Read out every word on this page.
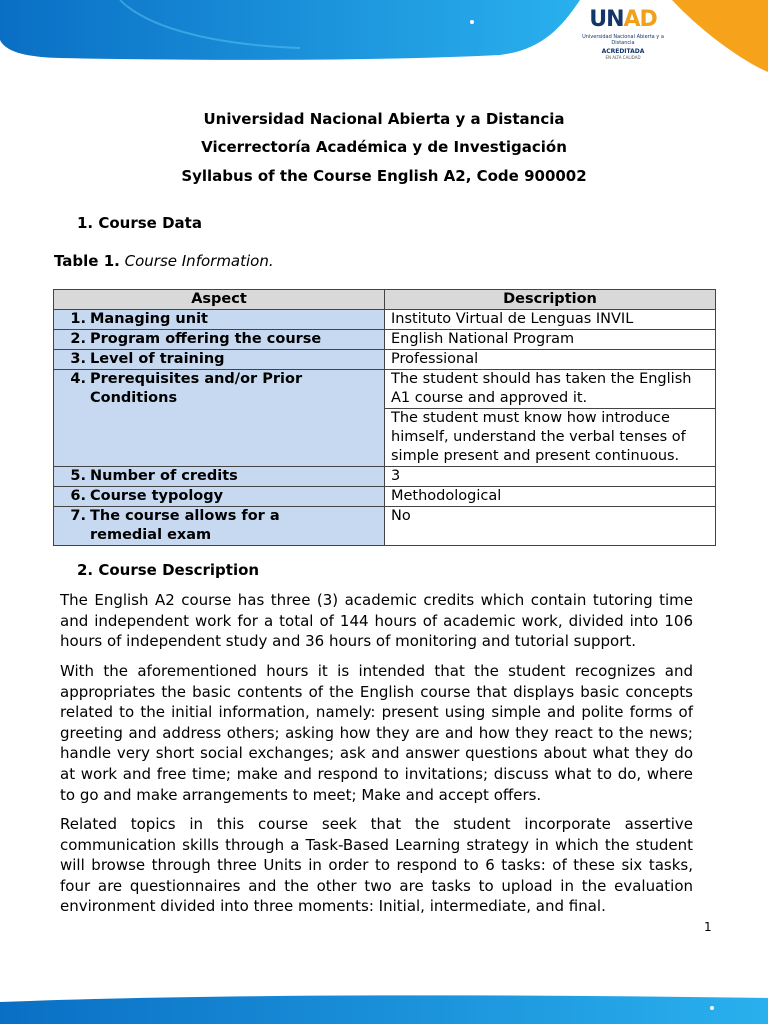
UNAD
Universidad Nacional Abierta y a Distancia
ACREDITADA
EN ALTA CALIDAD
Universidad Nacional Abierta y a Distancia
Vicerrectoría Académica y de Investigación
Syllabus of the Course English A2, Code 900002
1. Course Data
Table 1. Course Information.
Aspect	Description
1. Managing unit	Instituto Virtual de Lenguas INVIL
2. Program offering the course	English National Program
3. Level of training	Professional
4. Prerequisites and/or Prior
Conditions	The student should has taken the English A1 course and approved it.
	The student must know how introduce himself, understand the verbal tenses of simple present and present continuous.
5. Number of credits	3
6. Course typology	Methodological
7. The course allows for a
remedial exam	No
2. Course Description

The English A2 course has three (3) academic credits which contain tutoring time and independent work for a total of 144 hours of academic work, divided into 106 hours of independent study and 36 hours of monitoring and tutorial support.

With the aforementioned hours it is intended that the student recognizes and appropriates the basic contents of the English course that displays basic concepts related to the initial information, namely: present using simple and polite forms of greeting and address others; asking how they are and how they react to the news; handle very short social exchanges; ask and answer questions about what they do at work and free time; make and respond to invitations; discuss what to do, where to go and make arrangements to meet; Make and accept offers.

Related topics in this course seek that the student incorporate assertive communication skills through a Task-Based Learning strategy in which the student will browse through three Units in order to respond to 6 tasks: of these six tasks, four are questionnaires and the other two are tasks to upload in the evaluation environment divided into three moments: Initial, intermediate, and final.

1
